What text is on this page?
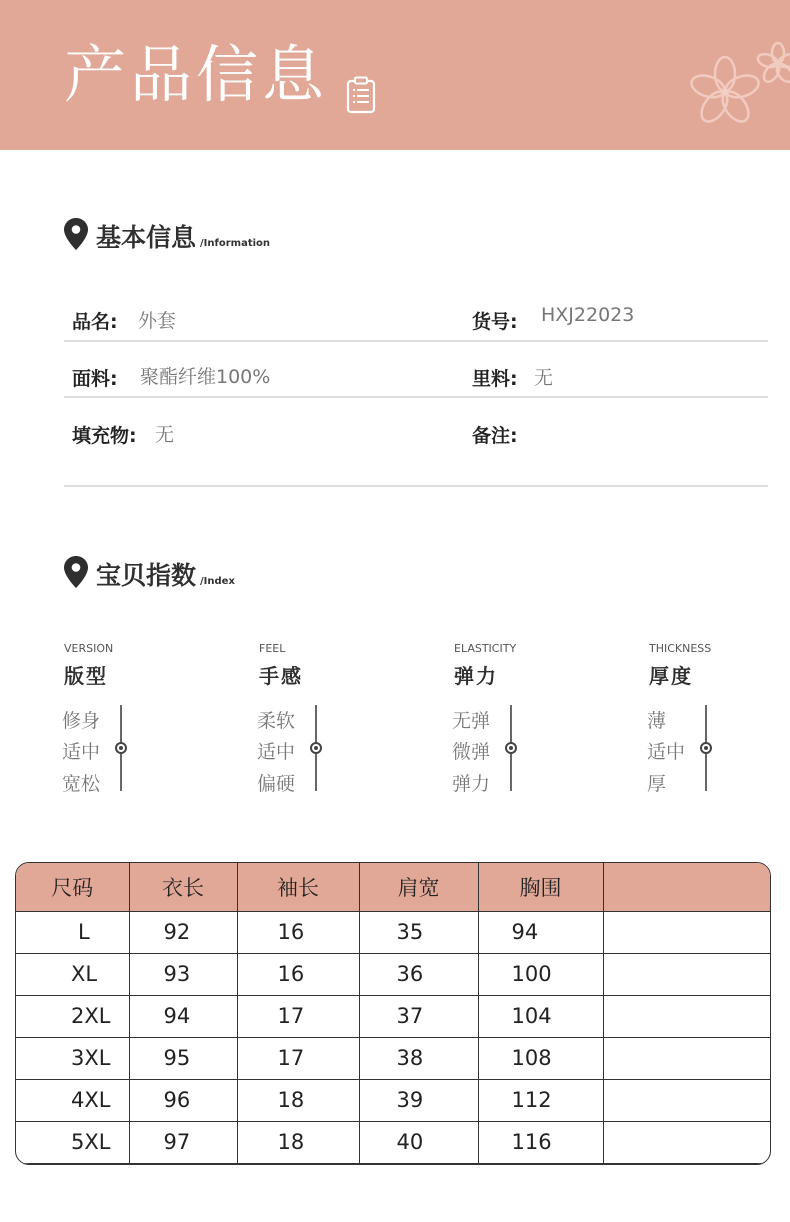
产品信息
基本信息 /Information
品名: 外套	货号: HXJ22023
面料: 聚酯纤维100%	里料: 无
填充物: 无	备注:
宝贝指数 /Index
VERSION
版型
修身
适中
宽松
FEEL
手感
柔软
适中
偏硬
ELASTICITY
弹力
无弹
微弹
弹力
THICKNESS
厚度
薄
适中
厚
尺码	衣长	袖长	肩宽	胸围	
L	92	16	35	94	
XL	93	16	36	100	
2XL	94	17	37	104	
3XL	95	17	38	108	
4XL	96	18	39	112	
5XL	97	18	40	116	
